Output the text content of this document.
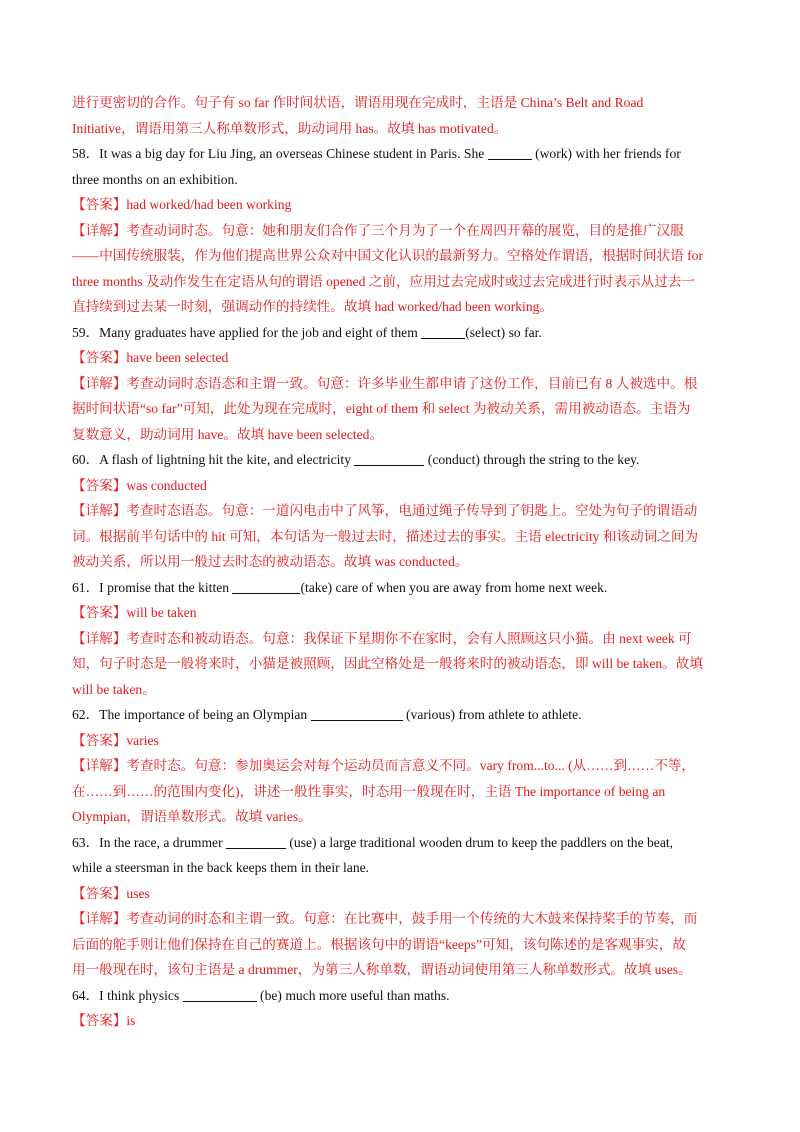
进行更密切的合作。句子有 so far 作时间状语，谓语用现在完成时，主语是 China’s Belt and Road

Initiative，谓语用第三人称单数形式，助动词用 has。故填 has motivated。

58．It was a big day for Liu Jing, an overseas Chinese student in Paris. She	(work) with her friends for

three months on an exhibition.

【答案】had worked/had been working

【详解】考查动词时态。句意：她和朋友们合作了三个月为了一个在周四开幕的展览，目的是推广汉服

——中国传统服装，作为他们提高世界公众对中国文化认识的最新努力。空格处作谓语，根据时间状语 for

three months 及动作发生在定语从句的谓语 opened 之前，应用过去完成时或过去完成进行时表示从过去一

直持续到过去某一时刻，强调动作的持续性。故填 had worked/had been working。

59．Many graduates have applied for the job and eight of them	(select) so far.

【答案】have been selected

【详解】考查动词时态语态和主谓一致。句意：许多毕业生都申请了这份工作，目前已有 8 人被选中。根

据时间状语“so far”可知，此处为现在完成时，eight of them 和 select 为被动关系，需用被动语态。主语为

复数意义，助动词用 have。故填 have been selected。

60．A flash of lightning hit the kite, and electricity	(conduct) through the string to the key.

【答案】was conducted

【详解】考查时态语态。句意：一道闪电击中了风筝，电通过绳子传导到了钥匙上。空处为句子的谓语动

词。根据前半句话中的 hit 可知，本句话为一般过去时，描述过去的事实。主语 electricity 和该动词之间为

被动关系，所以用一般过去时态的被动语态。故填 was conducted。

61．I promise that the kitten	(take) care of when you are away from home next week.

【答案】will be taken

【详解】考查时态和被动语态。句意：我保证下星期你不在家时，会有人照顾这只小猫。由 next week 可

知，句子时态是一般将来时，小猫是被照顾，因此空格处是一般将来时的被动语态，即 will be taken。故填

will be taken。

62．The importance of being an Olympian	(various) from athlete to athlete.

【答案】varies

【详解】考查时态。句意：参加奥运会对每个运动员而言意义不同。vary from...to... (从……到……不等，

在……到……的范围内变化)，讲述一般性事实，时态用一般现在时，主语 The importance of being an

Olympian，谓语单数形式。故填 varies。

63．In the race, a drummer	(use) a large traditional wooden drum to keep the paddlers on the beat,

while a steersman in the back keeps them in their lane.

【答案】uses

【详解】考查动词的时态和主谓一致。句意：在比赛中，鼓手用一个传统的大木鼓来保持桨手的节奏，而

后面的舵手则让他们保持在自己的赛道上。根据该句中的谓语“keeps”可知，该句陈述的是客观事实，故

用一般现在时，该句主语是 a drummer，为第三人称单数，谓语动词使用第三人称单数形式。故填 uses。

64．I think physics	(be) much more useful than maths.

【答案】is
